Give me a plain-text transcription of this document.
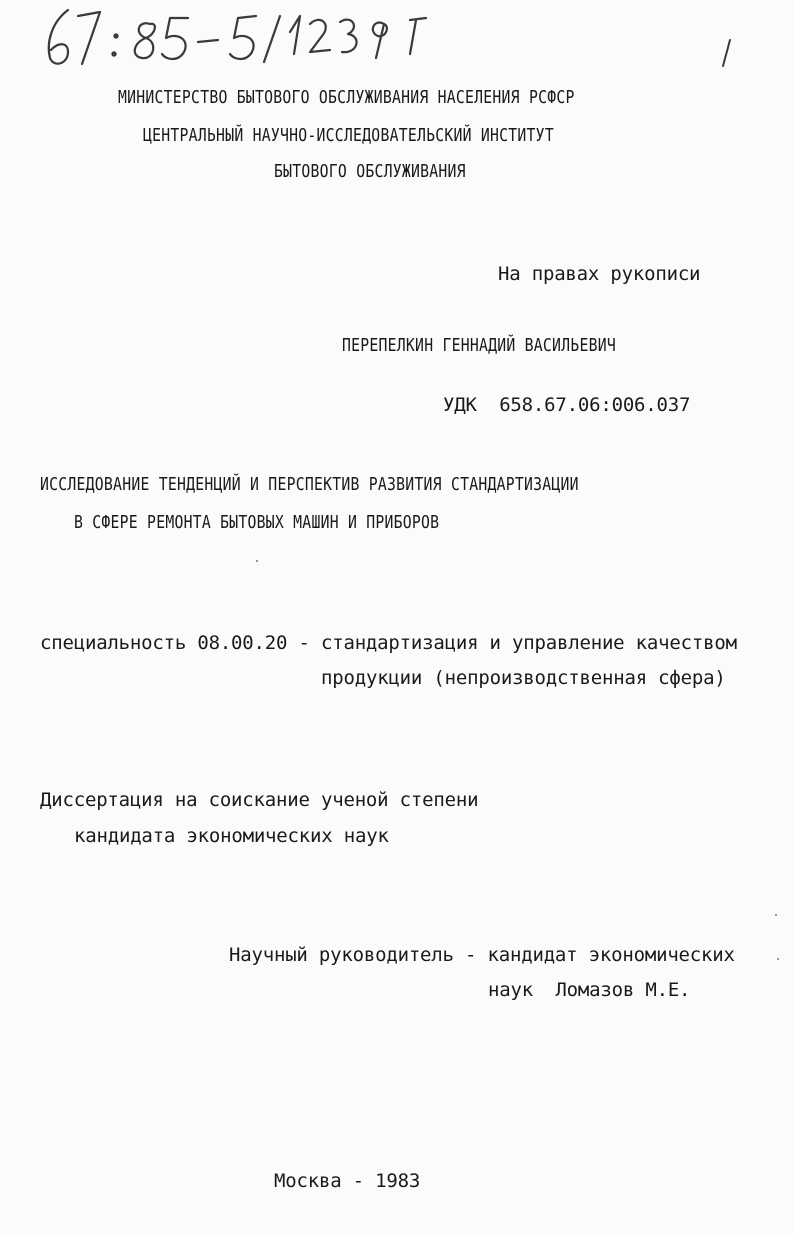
МИНИСТЕРСТВО БЫТОВОГО ОБСЛУЖИВАНИЯ НАСЕЛЕНИЯ РСФСР
ЦЕНТРАЛЬНЫЙ НАУЧНО-ИССЛЕДОВАТЕЛЬСКИЙ ИНСТИТУТ
БЫТОВОГО ОБСЛУЖИВАНИЯ
На правах рукописи
ПЕРЕПЕЛКИН ГЕННАДИЙ ВАСИЛЬЕВИЧ
УДК  658.67.06:006.037
ИССЛЕДОВАНИЕ ТЕНДЕНЦИЙ И ПЕРСПЕКТИВ РАЗВИТИЯ СТАНДАРТИЗАЦИИ
В СФЕРЕ РЕМОНТА БЫТОВЫХ МАШИН И ПРИБОРОВ
специальность 08.00.20 - стандартизация и управление качеством
продукции (непроизводственная сфера)
Диссертация на соискание ученой степени
кандидата экономических наук
Научный руководитель - кандидат экономических
наук  Ломазов М.Е.
Москва - 1983
